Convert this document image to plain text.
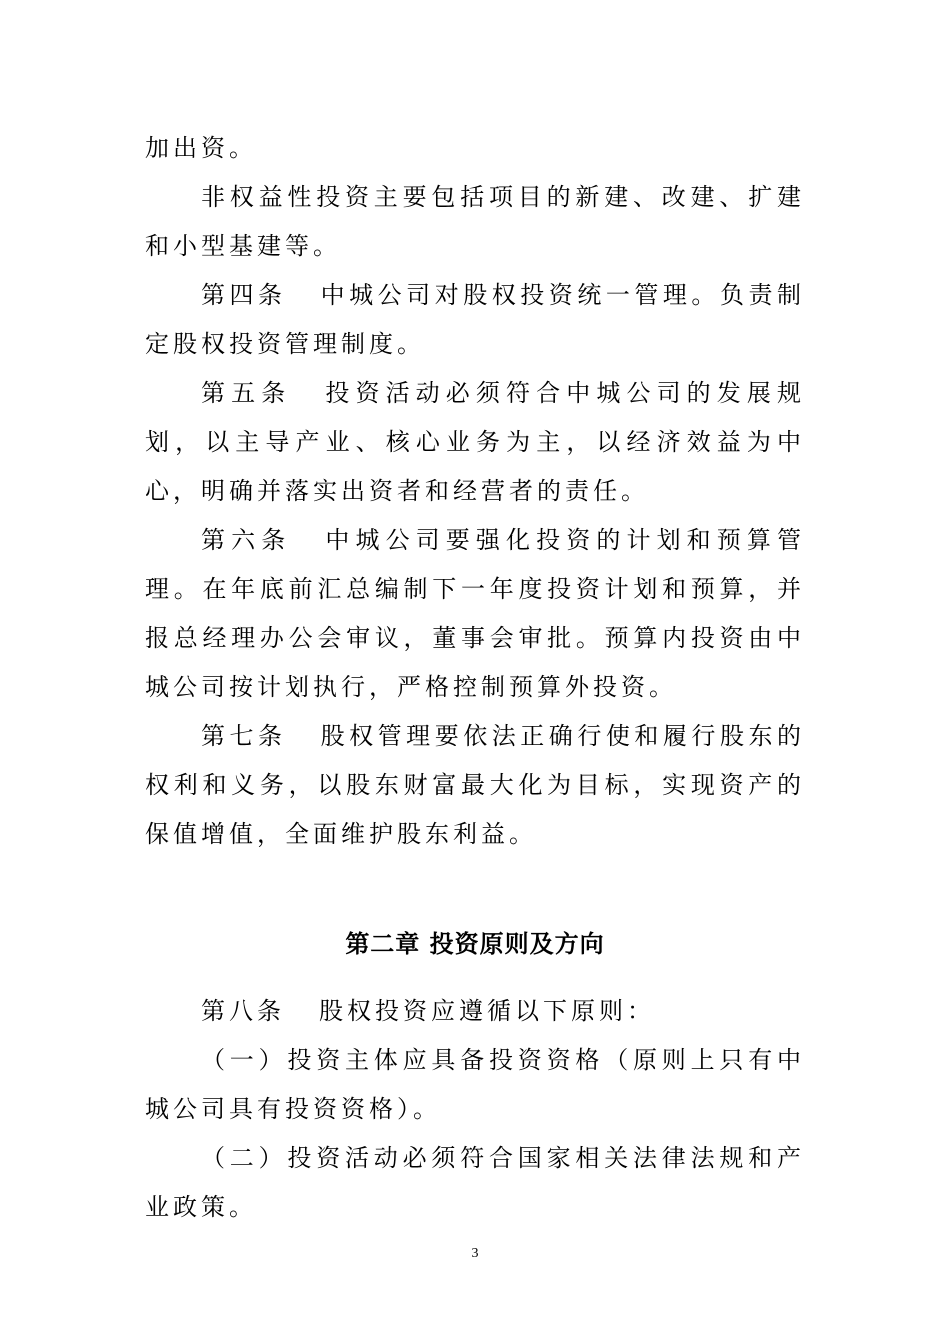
加出资。

非权益性投资主要包括项目的新建、改建、扩建和小型基建等。

第四条 中城公司对股权投资统一管理。负责制定股权投资管理制度。

第五条 投资活动必须符合中城公司的发展规划，以主导产业、核心业务为主，以经济效益为中心，明确并落实出资者和经营者的责任。

第六条 中城公司要强化投资的计划和预算管理。在年底前汇总编制下一年度投资计划和预算，并报总经理办公会审议，董事会审批。预算内投资由中城公司按计划执行，严格控制预算外投资。

第七条 股权管理要依法正确行使和履行股东的权利和义务，以股东财富最大化为目标，实现资产的保值增值，全面维护股东利益。

第二章 投资原则及方向

第八条 股权投资应遵循以下原则：

（一）投资主体应具备投资资格（原则上只有中城公司具有投资资格）。

（二）投资活动必须符合国家相关法律法规和产业政策。

3
